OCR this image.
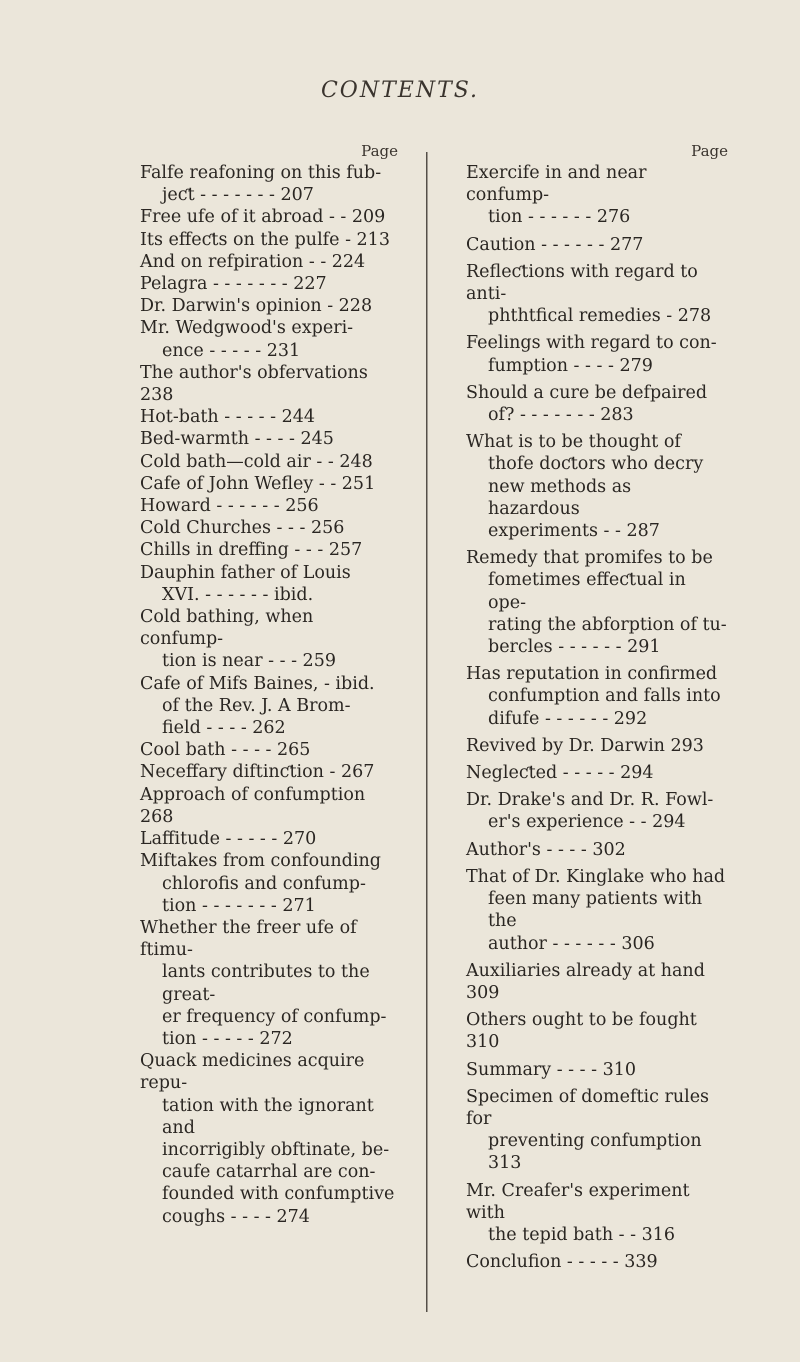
CONTENTS.
Page
Falfe reafoning on this fub-
jeƈt - - - - - - - 207
Free ufe of it abroad - - 209
Its effeƈts on the pulfe - 213
And on refpiration - - 224
Pelagra - - - - - - - 227
Dr. Darwin's opinion - 228
Mr. Wedgwood's experi-
ence - - - - - 231
The author's obfervations 238
Hot-bath - - - - - 244
Bed-warmth - - - - 245
Cold bath—cold air - - 248
Cafe of John Wefley - - 251
Howard - - - - - - 256
Cold Churches - - - 256
Chills in dreffing - - - 257
Dauphin father of Louis
XVI. - - - - - - ibid.
Cold bathing, when confump-
tion is near - - - 259
Cafe of Mifs Baines, - ibid.
of the Rev. J. A Brom-
field - - - - 262
Cool bath - - - - 265
Neceffary diftinƈtion - 267
Approach of confumption 268
Laffitude - - - - - 270
Miftakes from confounding
chlorofis and confump-
tion - - - - - - - 271
Whether the freer ufe of ftimu-
lants contributes to the great-
er frequency of confump-
tion - - - - - 272
Quack medicines acquire repu-
tation with the ignorant and
incorrigibly obftinate, be-
caufe catarrhal are con-
founded with confumptive
coughs - - - - 274
Page
Exercife in and near confump-
tion - - - - - - 276
Caution - - - - - - 277
Refleƈtions with regard to anti-
phthtfical remedies - 278
Feelings with regard to con-
fumption - - - - 279
Should a cure be defpaired
of? - - - - - - - 283
What is to be thought of
thofe doƈtors who decry
new methods as hazardous
experiments - - 287
Remedy that promifes to be
fometimes effeƈtual in ope-
rating the abforption of tu-
bercles - - - - - - 291
Has reputation in confirmed
confumption and falls into
difufe - - - - - - 292
Revived by Dr. Darwin 293
Negleƈted - - - - - 294
Dr. Drake's and Dr. R. Fowl-
er's experience - - 294
Author's - - - - 302
That of Dr. Kinglake who had
feen many patients with the
author - - - - - - 306
Auxiliaries already at hand 309
Others ought to be fought 310
Summary - - - - 310
Specimen of domeftic rules for
preventing confumption 313
Mr. Creafer's experiment with
the tepid bath - - 316
Conclufion - - - - - 339
